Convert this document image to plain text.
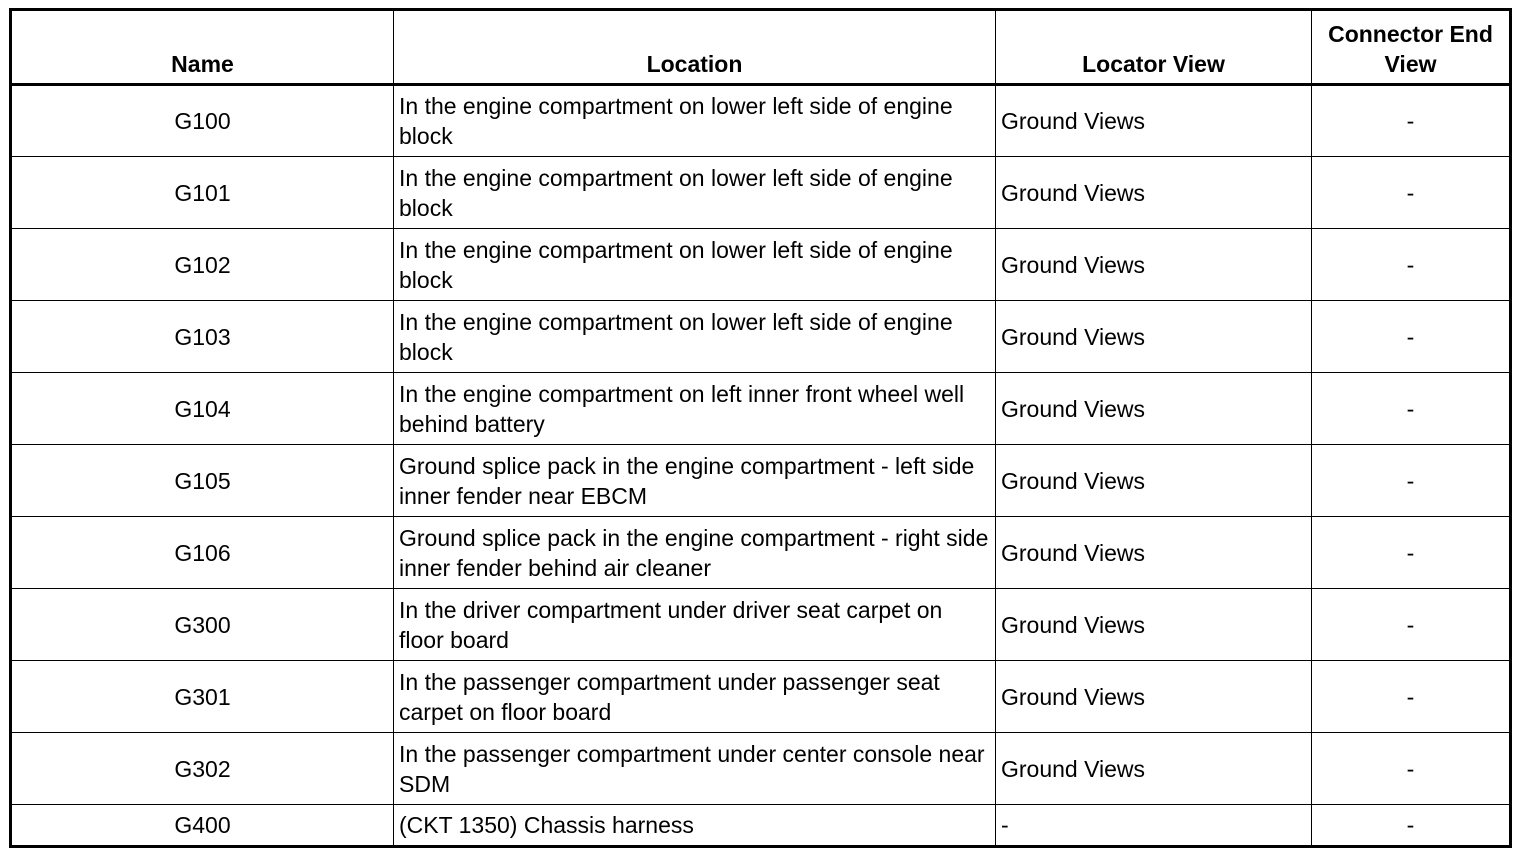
Name	Location	Locator View	Connector End View
G100	In the engine compartment on lower left side of engine block	Ground Views	-
G101	In the engine compartment on lower left side of engine block	Ground Views	-
G102	In the engine compartment on lower left side of engine block	Ground Views	-
G103	In the engine compartment on lower left side of engine block	Ground Views	-
G104	In the engine compartment on left inner front wheel well behind battery	Ground Views	-
G105	Ground splice pack in the engine compartment - left side inner fender near EBCM	Ground Views	-
G106	Ground splice pack in the engine compartment - right side inner fender behind air cleaner	Ground Views	-
G300	In the driver compartment under driver seat carpet on floor board	Ground Views	-
G301	In the passenger compartment under passenger seat carpet on floor board	Ground Views	-
G302	In the passenger compartment under center console near SDM	Ground Views	-
G400	(CKT 1350) Chassis harness	-	-
